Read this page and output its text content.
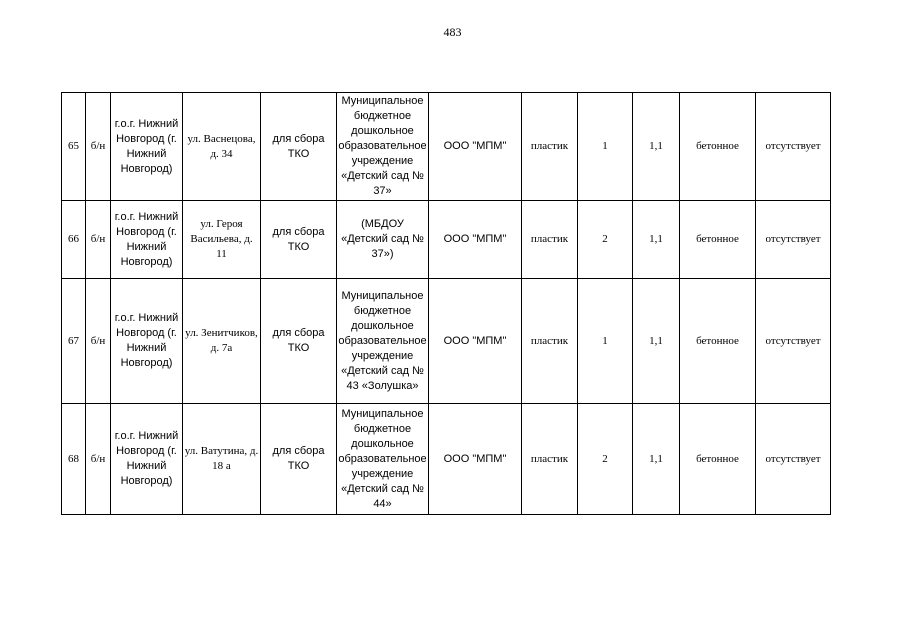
483
65	б/н	г.о.г. Нижний Новгород (г. Нижний Новгород)	ул. Васнецова, д. 34	для сбора ТКО	Муниципальное бюджетное дошкольное образовательное учреждение «Детский сад № 37»	ООО "МПМ"	пластик	1	1,1	бетонное	отсутствует
66	б/н	г.о.г. Нижний Новгород (г. Нижний Новгород)	ул. Героя Васильева, д. 11	для сбора ТКО	(МБДОУ «Детский сад № 37»)	ООО "МПМ"	пластик	2	1,1	бетонное	отсутствует
67	б/н	г.о.г. Нижний Новгород (г. Нижний Новгород)	ул. Зенитчиков, д. 7а	для сбора ТКО	Муниципальное бюджетное дошкольное образовательное учреждение «Детский сад № 43 «Золушка»	ООО "МПМ"	пластик	1	1,1	бетонное	отсутствует
68	б/н	г.о.г. Нижний Новгород (г. Нижний Новгород)	ул. Ватутина, д. 18 а	для сбора ТКО	Муниципальное бюджетное дошкольное образовательное учреждение «Детский сад № 44»	ООО "МПМ"	пластик	2	1,1	бетонное	отсутствует
